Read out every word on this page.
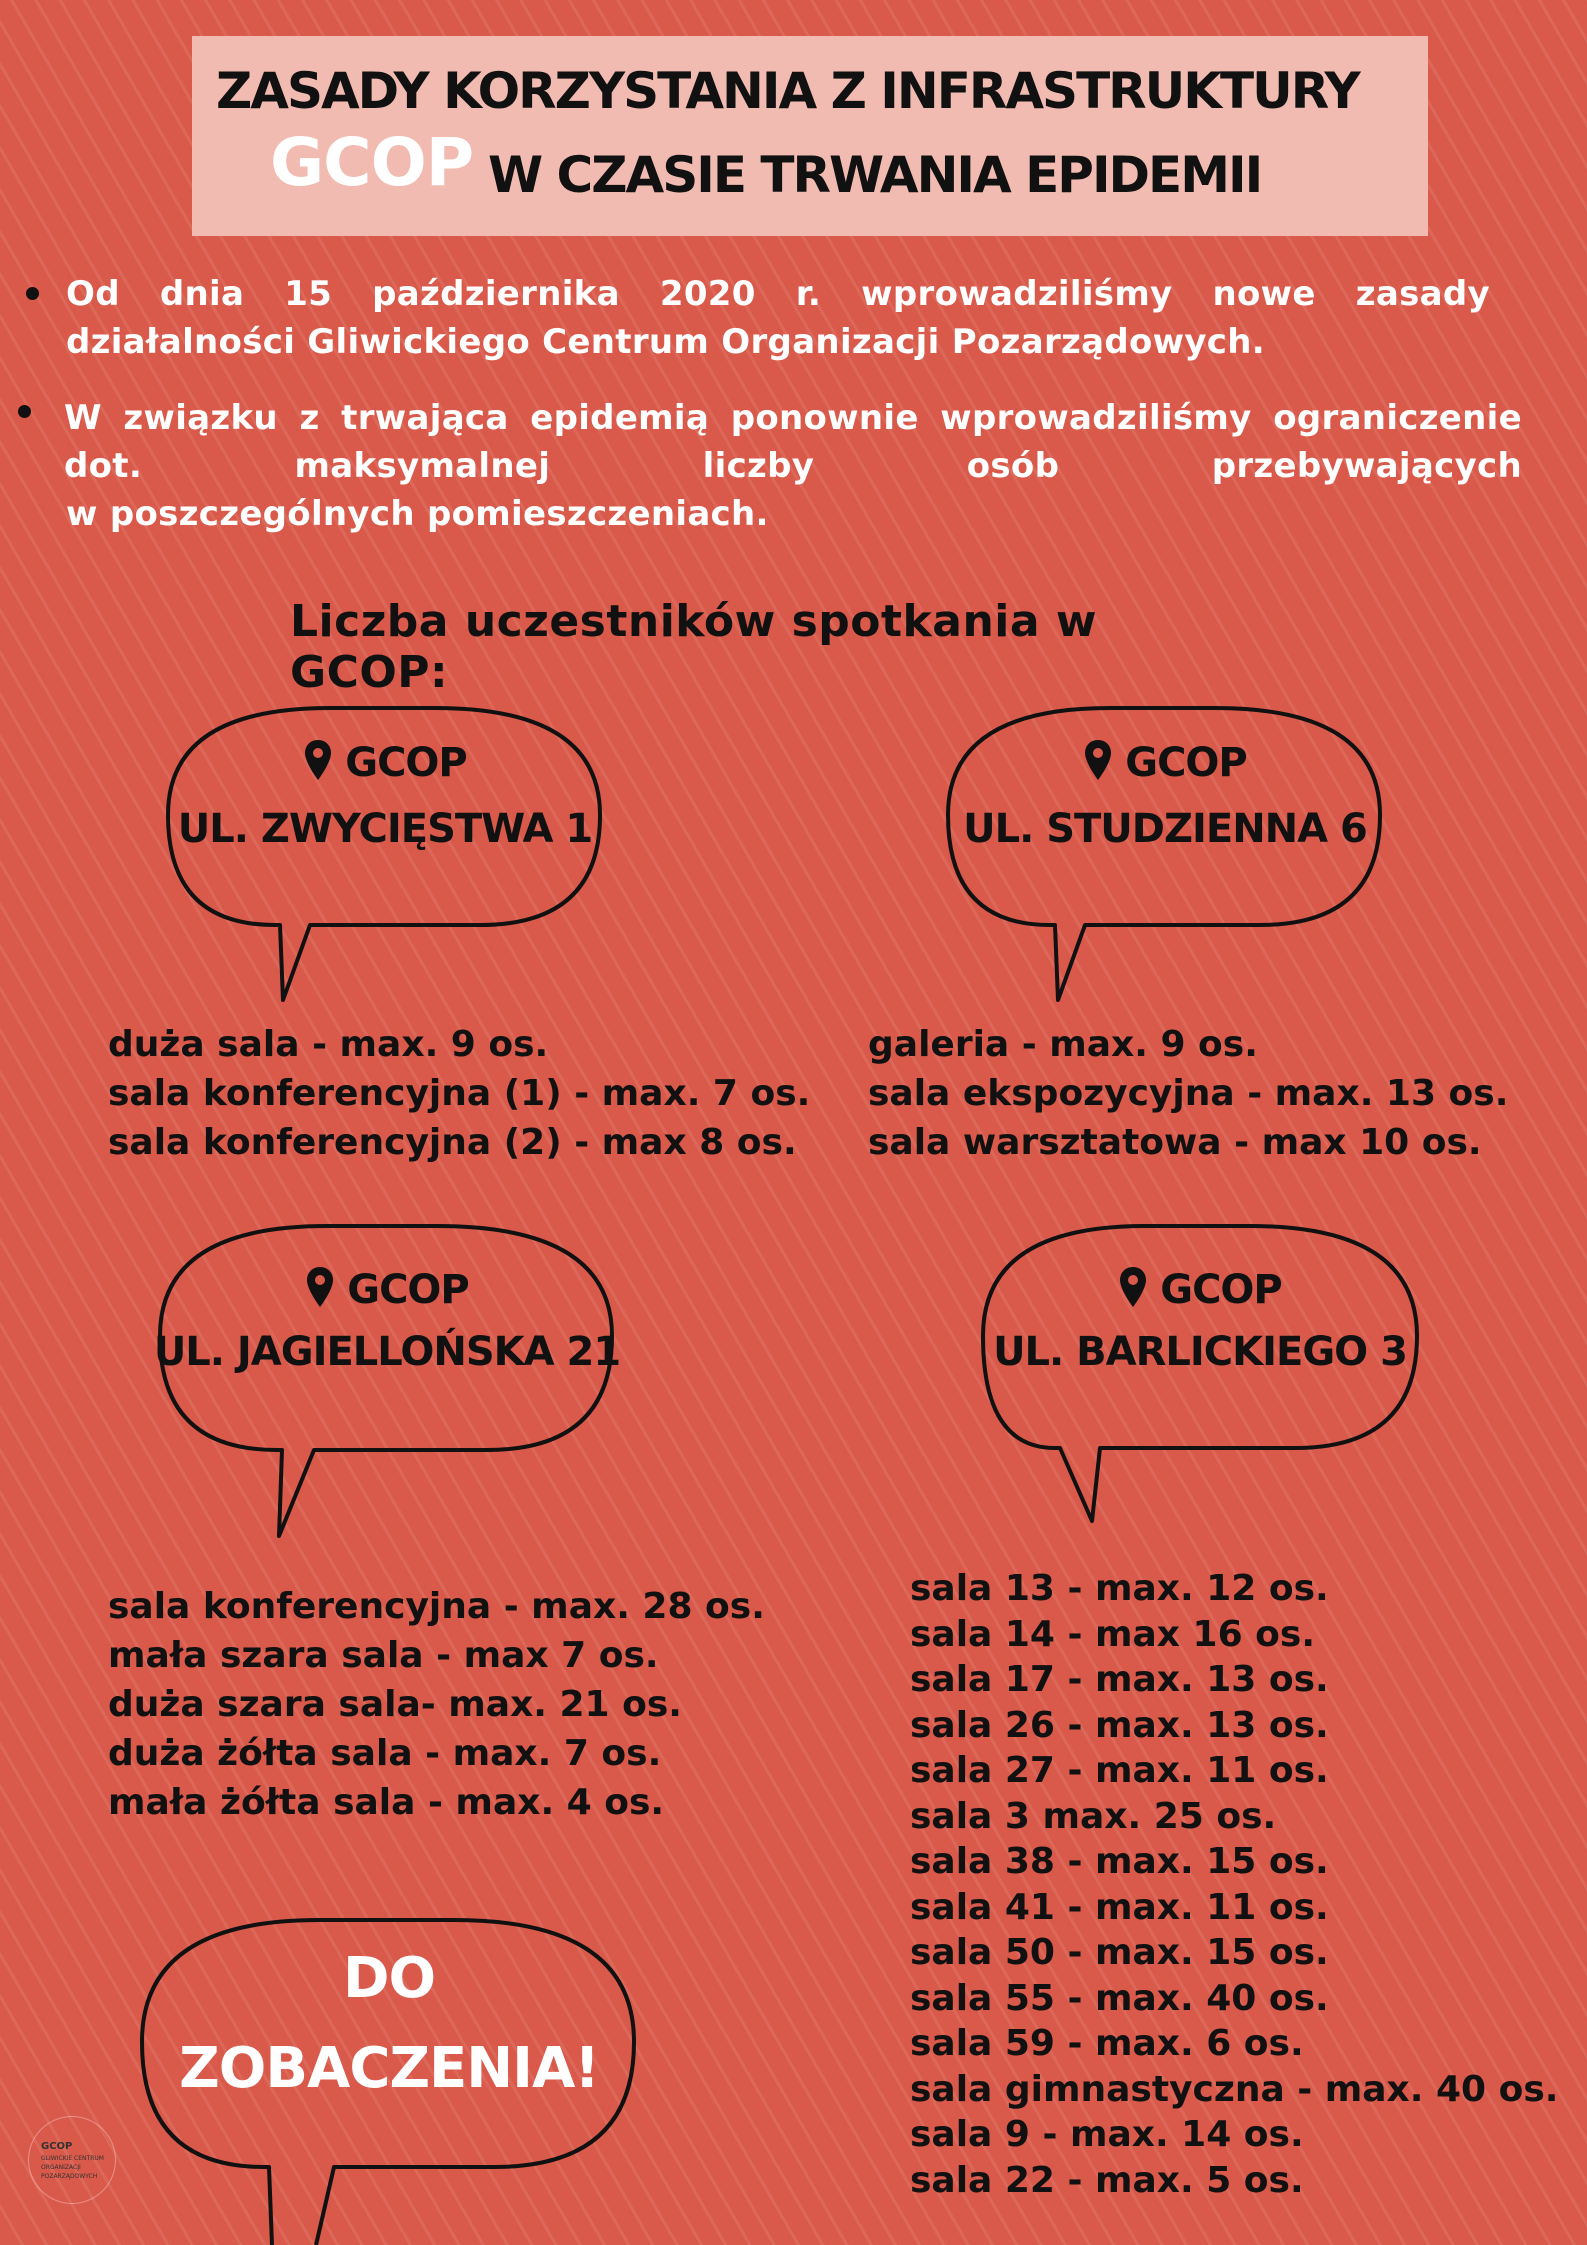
ZASADY KORZYSTANIA Z INFRASTRUKTURY
GCOP W CZASIE TRWANIA EPIDEMII
Od dnia 15 października 2020 r. wprowadziliśmy nowe zasady działalności Gliwickiego Centrum Organizacji Pozarządowych.
W związku z trwająca epidemią ponownie wprowadziliśmy ograniczenie dot. maksymalnej liczby osób przebywających
w poszczególnych pomieszczeniach.
Liczba uczestników spotkania w GCOP:
GCOP
UL. ZWYCIĘSTWA 1
GCOP
UL. STUDZIENNA 6
duża sala - max. 9 os.
sala konferencyjna (1) - max. 7 os.
sala konferencyjna (2) - max 8 os.
galeria - max. 9 os.
sala ekspozycyjna - max. 13 os.
sala warsztatowa - max 10 os.
GCOP
UL. JAGIELLOŃSKA 21
GCOP
UL. BARLICKIEGO 3
sala konferencyjna - max. 28 os.
mała szara sala - max 7 os.
duża szara sala- max. 21 os.
duża żółta sala - max. 7 os.
mała żółta sala - max. 4 os.
sala 13 - max. 12 os.
sala 14 - max 16 os.
sala 17 - max. 13 os.
sala 26 - max. 13 os.
sala 27 - max. 11 os.
sala 3 max. 25 os.
sala 38 - max. 15 os.
sala 41 - max. 11 os.
sala 50 - max. 15 os.
sala 55 - max. 40 os.
sala 59 - max. 6 os.
sala gimnastyczna - max. 40 os.
sala 9 - max. 14 os.
sala 22 - max. 5 os.
DO
ZOBACZENIA!
GCOP
GLIWICKIE CENTRUM
ORGANIZACJI
POZARZĄDOWYCH
